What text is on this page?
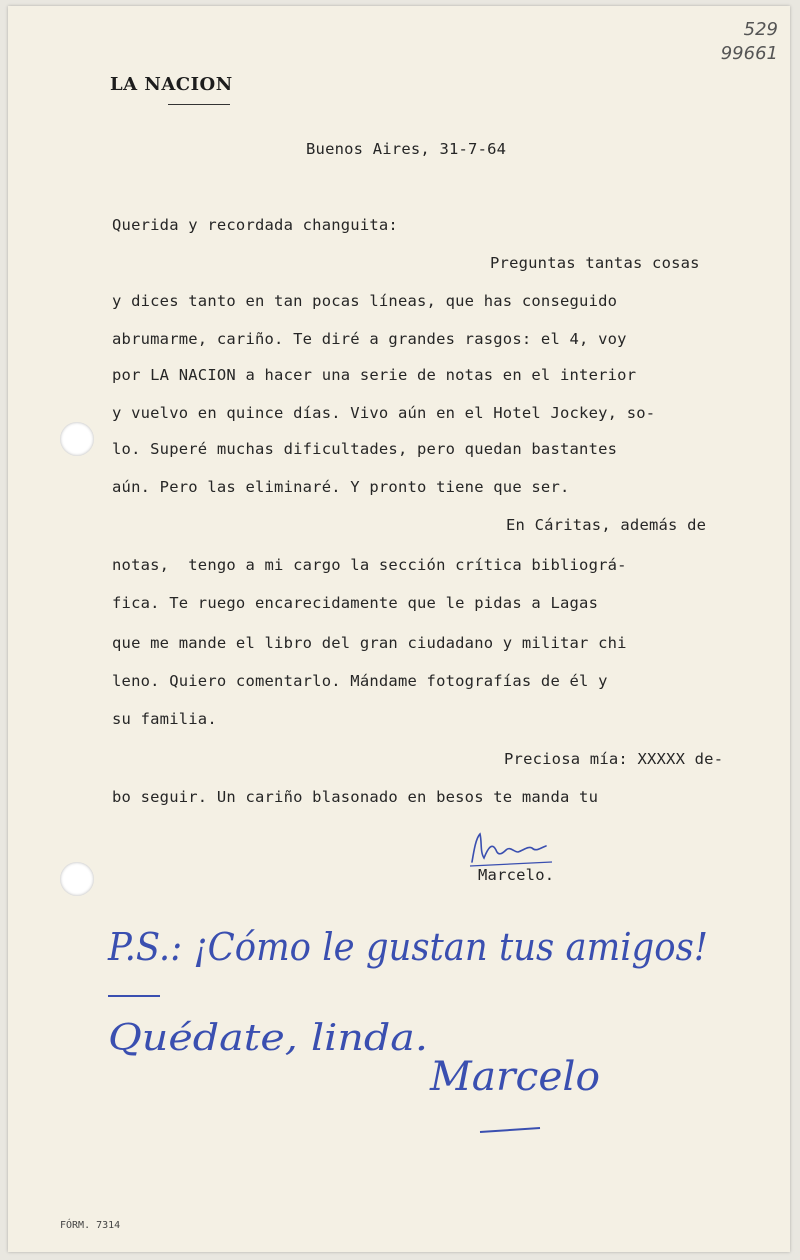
529
99661
LA NACION
Buenos Aires, 31-7-64
Querida y recordada changuita:
Preguntas tantas cosas
y dices tanto en tan pocas líneas, que has conseguido
abrumarme, cariño. Te diré a grandes rasgos: el 4, voy
por LA NACION a hacer una serie de notas en el interior
y vuelvo en quince días. Vivo aún en el Hotel Jockey, so-
lo. Superé muchas dificultades, pero quedan bastantes
aún. Pero las eliminaré. Y pronto tiene que ser.
En Cáritas, además de
notas,  tengo a mi cargo la sección crítica bibliográ-
fica. Te ruego encarecidamente que le pidas a Lagas
que me mande el libro del gran ciudadano y militar chi
leno. Quiero comentarlo. Mándame fotografías de él y
su familia.
Preciosa mía: XXXXX de-
bo seguir. Un cariño blasonado en besos te manda tu
Marcelo.
P.S.: ¡Cómo le gustan tus amigos!
Quédate, linda.
Marcelo
FÓRM. 7314
